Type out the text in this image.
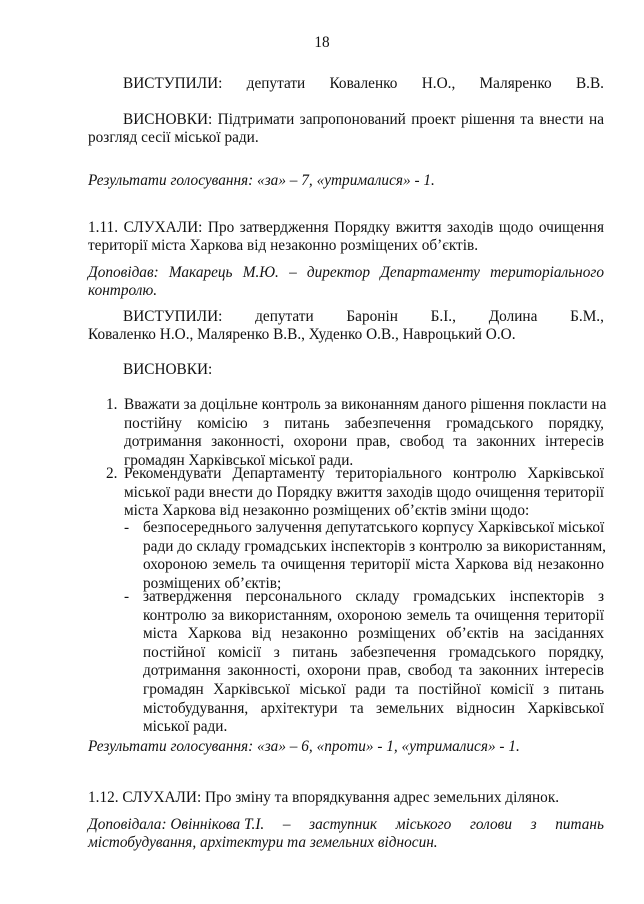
18
ВИСТУПИЛИ: депутати Коваленко Н.О., Маляренко В.В.
ВИСНОВКИ: Підтримати запропонований проект рішення та внести на
розгляд сесії міської ради.
Результати голосування: «за» – 7, «утрималися» - 1.
1.11. СЛУХАЛИ: Про затвердження Порядку вжиття заходів щодо очищення
території міста Харкова від незаконно розміщених об’єктів.
Доповідав: Макарець М.Ю. – директор Департаменту територіального
контролю.
ВИСТУПИЛИ: депутати Баронін Б.І., Долина Б.М.,
Коваленко Н.О., Маляренко В.В., Худенко О.В., Навроцький О.О.
ВИСНОВКИ:
1. Вважати за доцільне контроль за виконанням даного рішення покласти на
постійну комісію з питань забезпечення громадського порядку,
дотримання законності, охорони прав, свобод та законних інтересів
громадян Харківської міської ради.
2. Рекомендувати Департаменту територіального контролю Харківської
міської ради внести до Порядку вжиття заходів щодо очищення території
міста Харкова від незаконно розміщених об’єктів зміни щодо:
- безпосереднього залучення депутатського корпусу Харківської міської
ради до складу громадських інспекторів з контролю за використанням,
охороною земель та очищення території міста Харкова від незаконно
розміщених об’єктів;
- затвердження персонального складу громадських інспекторів з
контролю за використанням, охороною земель та очищення території
міста Харкова від незаконно розміщених об’єктів на засіданнях
постійної комісії з питань забезпечення громадського порядку,
дотримання законності, охорони прав, свобод та законних інтересів
громадян Харківської міської ради та постійної комісії з питань
містобудування, архітектури та земельних відносин Харківської
міської ради.
Результати голосування: «за» – 6, «проти» - 1, «утрималися» - 1.
1.12. СЛУХАЛИ: Про зміну та впорядкування адрес земельних ділянок.
Доповідала: Овіннікова Т.І. – заступник міського голови з питань
містобудування, архітектури та земельних відносин.
